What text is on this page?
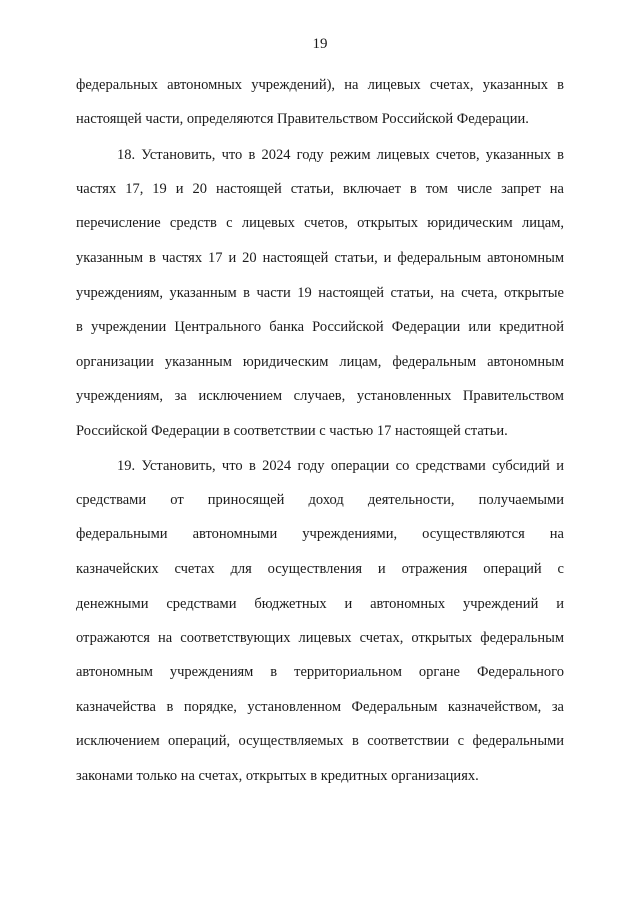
19
федеральных автономных учреждений), на лицевых счетах, указанных в
настоящей части, определяются Правительством Российской Федерации.
18. Установить, что в 2024 году режим лицевых счетов, указанных в
частях 17, 19 и 20 настоящей статьи, включает в том числе запрет на
перечисление средств с лицевых счетов, открытых юридическим лицам,
указанным в частях 17 и 20 настоящей статьи, и федеральным автономным
учреждениям, указанным в части 19 настоящей статьи, на счета, открытые
в учреждении Центрального банка Российской Федерации или кредитной
организации указанным юридическим лицам, федеральным автономным
учреждениям, за исключением случаев, установленных Правительством
Российской Федерации в соответствии с частью 17 настоящей статьи.
19. Установить, что в 2024 году операции со средствами субсидий и
средствами от приносящей доход деятельности, получаемыми
федеральными автономными учреждениями, осуществляются на
казначейских счетах для осуществления и отражения операций с
денежными средствами бюджетных и автономных учреждений и
отражаются на соответствующих лицевых счетах, открытых федеральным
автономным учреждениям в территориальном органе Федерального
казначейства в порядке, установленном Федеральным казначейством, за
исключением операций, осуществляемых в соответствии с федеральными
законами только на счетах, открытых в кредитных организациях.
